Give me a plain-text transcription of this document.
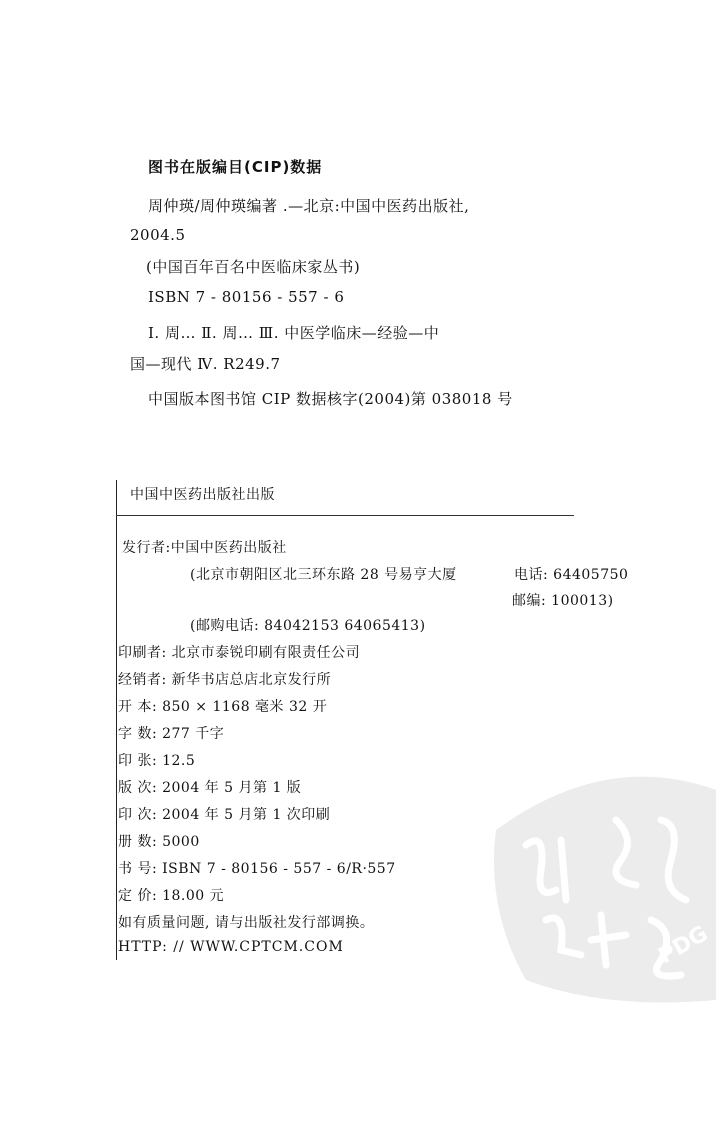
图书在版编目(CIP)数据
周仲瑛/周仲瑛编著 .—北京:中国中医药出版社,
2004.5
(中国百年百名中医临床家丛书)
ISBN 7 - 80156 - 557 - 6
Ⅰ. 周… Ⅱ. 周… Ⅲ. 中医学临床—经验—中
国—现代 Ⅳ. R249.7
中国版本图书馆 CIP 数据核字(2004)第 038018 号
中国中医药出版社出版
发行者:中国中医药出版社
(北京市朝阳区北三环东路 28 号易亨大厦	电话: 64405750
邮编: 100013)
(邮购电话: 84042153 64065413)
印刷者: 北京市泰锐印刷有限责任公司
经销者: 新华书店总店北京发行所
开 本: 850 × 1168 毫米 32 开
字 数: 277 千字
印 张: 12.5
版 次: 2004 年 5 月第 1 版
印 次: 2004 年 5 月第 1 次印刷
册 数: 5000
书 号: ISBN 7 - 80156 - 557 - 6/R·557
定 价: 18.00 元
如有质量问题, 请与出版社发行部调换。
HTTP: // WWW.CPTCM.COM	PDG
